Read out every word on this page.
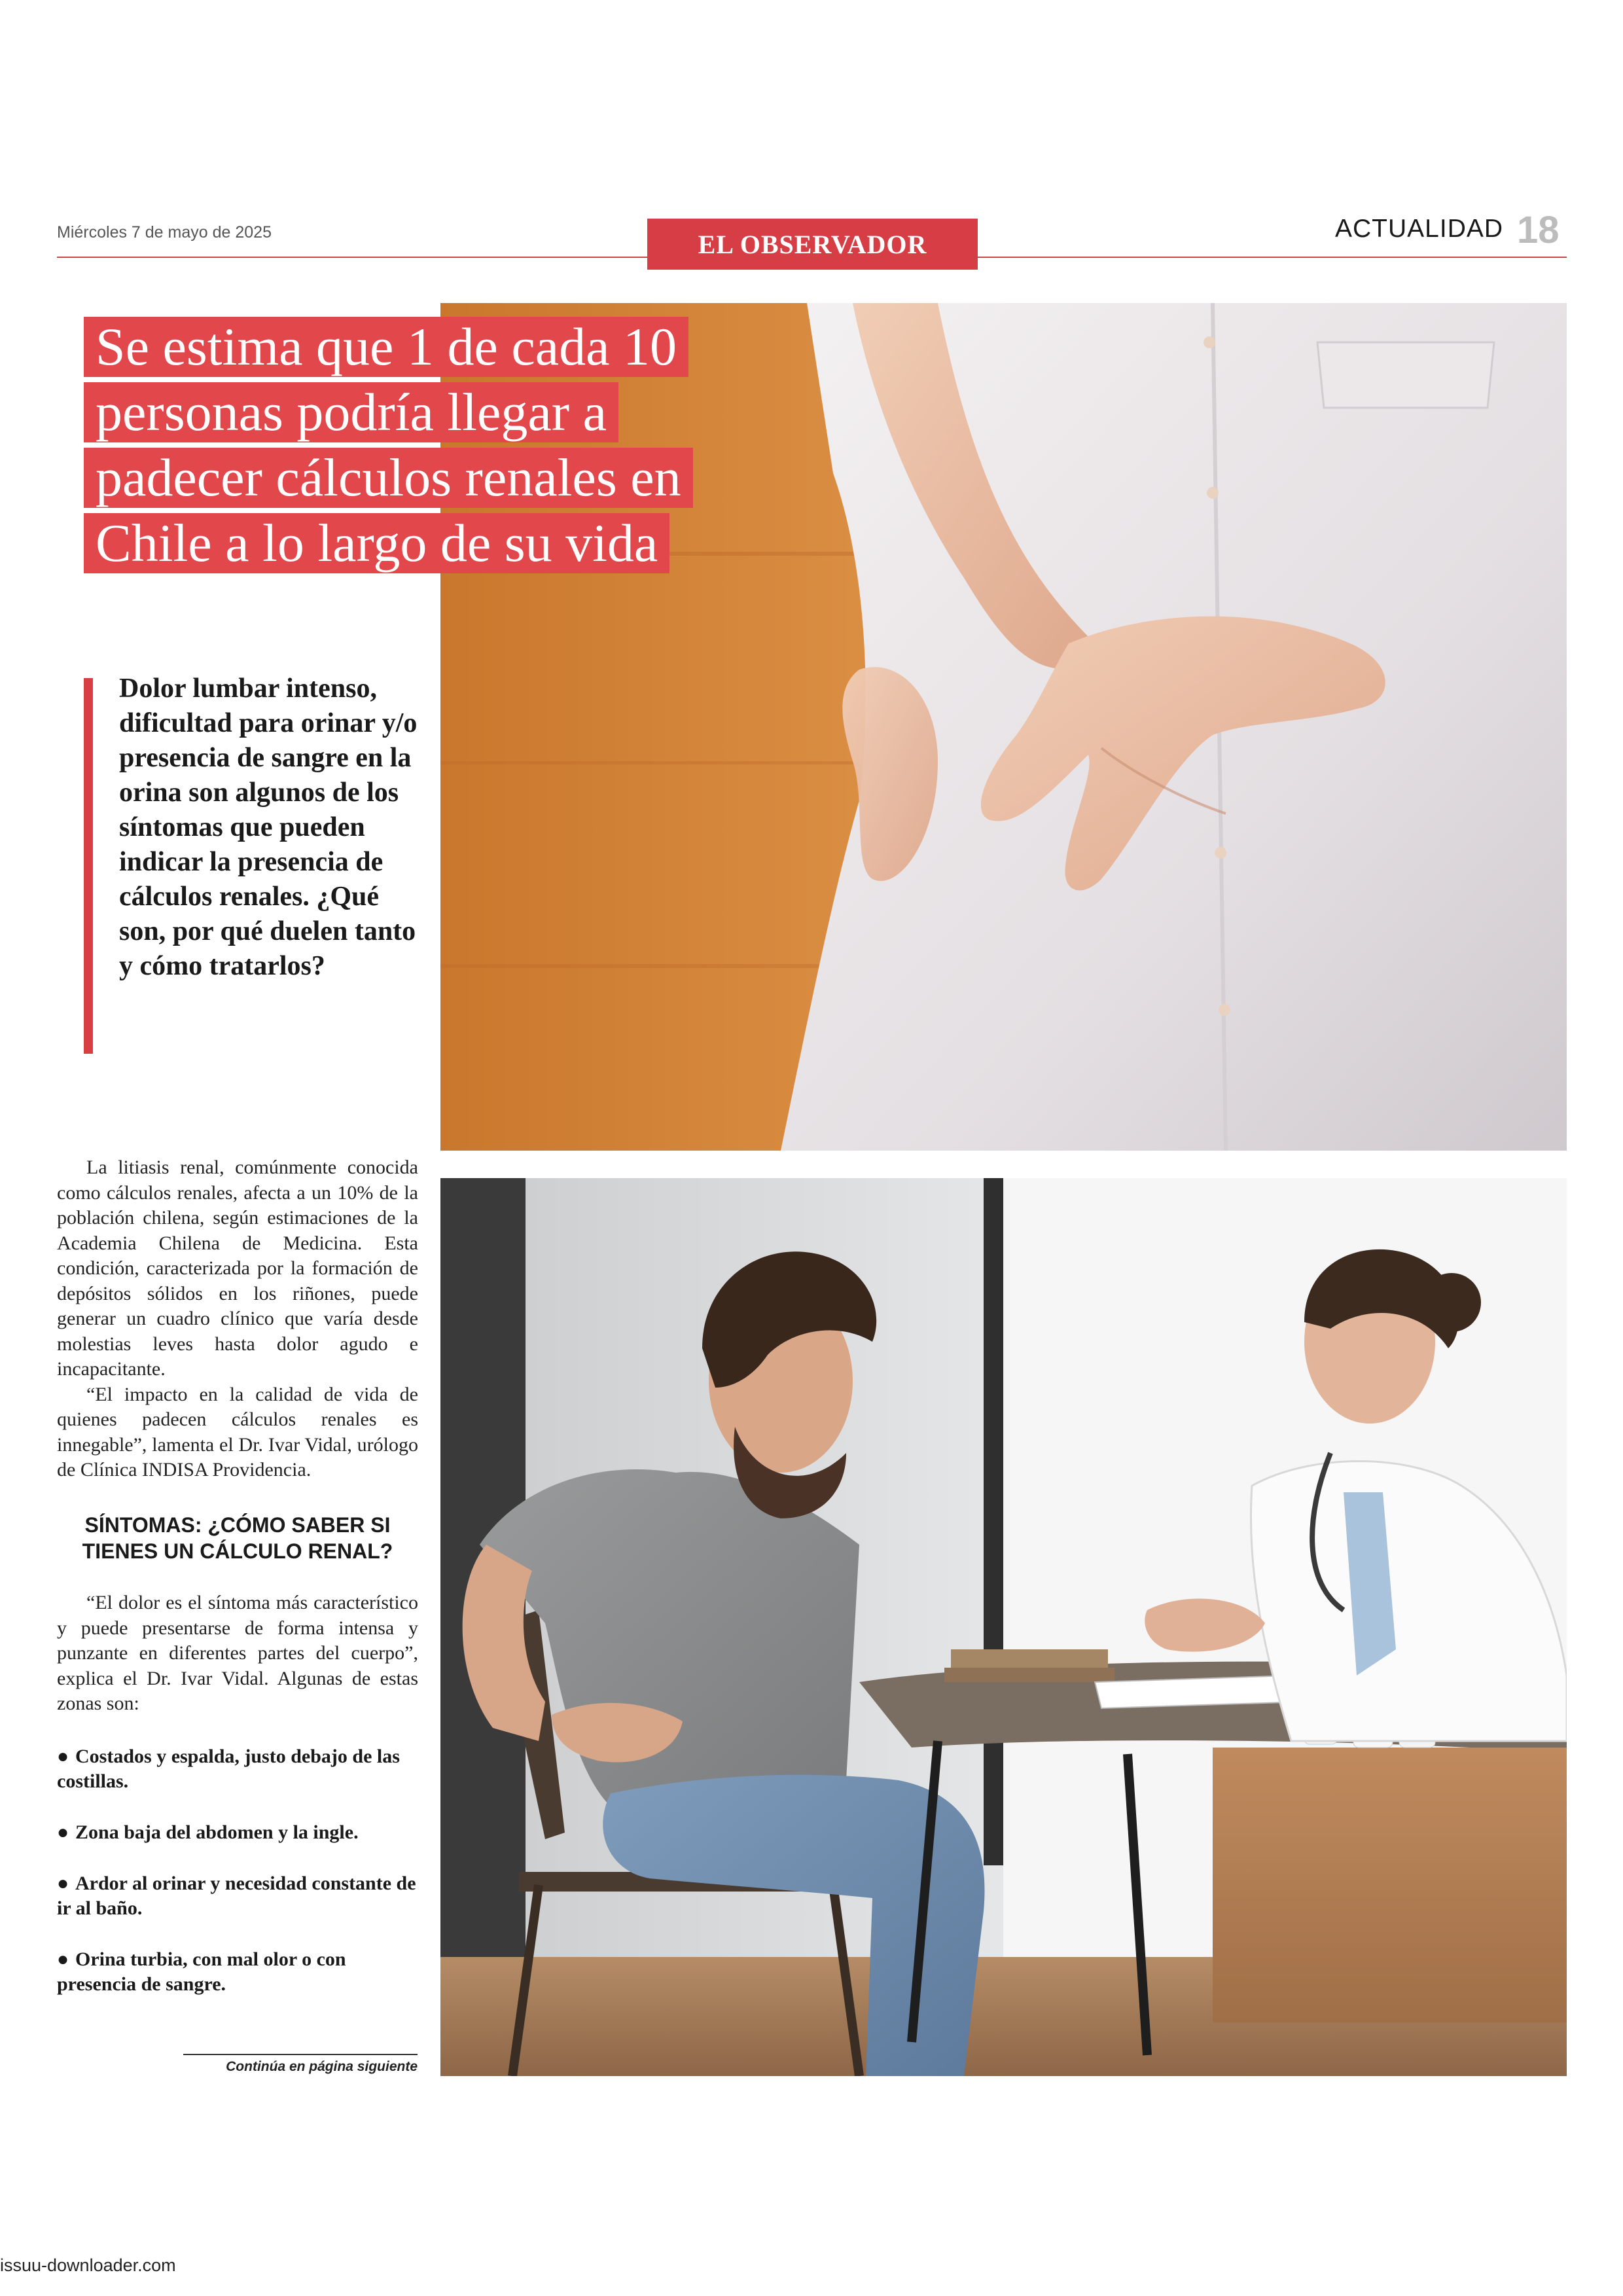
Miércoles 7 de mayo de 2025	EL OBSERVADOR
ACTUALIDAD 18
Se estima que 1 de cada 10
personas podría llegar a
padecer cálculos renales en
Chile a lo largo de su vida
Dolor lumbar intenso, dificultad para orinar y/o presencia de sangre en la orina son algunos de los síntomas que pueden indicar la presencia de cálculos renales. ¿Qué son, por qué duelen tanto y cómo tratarlos?

La litiasis renal, comúnmente conocida como cálculos renales, afecta a un 10% de la población chilena, según estimaciones de la Academia Chilena de Medicina. Esta condición, caracterizada por la formación de depósitos sólidos en los riñones, puede generar un cuadro clínico que varía desde molestias leves hasta dolor agudo e incapacitante.

“El impacto en la calidad de vida de quienes padecen cálculos renales es innegable”, lamenta el Dr. Ivar Vidal, urólogo de Clínica INDISA Providencia.

SÍNTOMAS: ¿CÓMO SABER SI TIENES UN CÁLCULO RENAL?

“El dolor es el síntoma más característico y puede presentarse de forma intensa y punzante en diferentes partes del cuerpo”, explica el Dr. Ivar Vidal. Algunas de estas zonas son:

● Costados y espalda, justo debajo de las costillas.
● Zona baja del abdomen y la ingle.
● Ardor al orinar y necesidad constante de ir al baño.
● Orina turbia, con mal olor o con presencia de sangre.
Continúa en página siguiente
issuu-downloader.com
